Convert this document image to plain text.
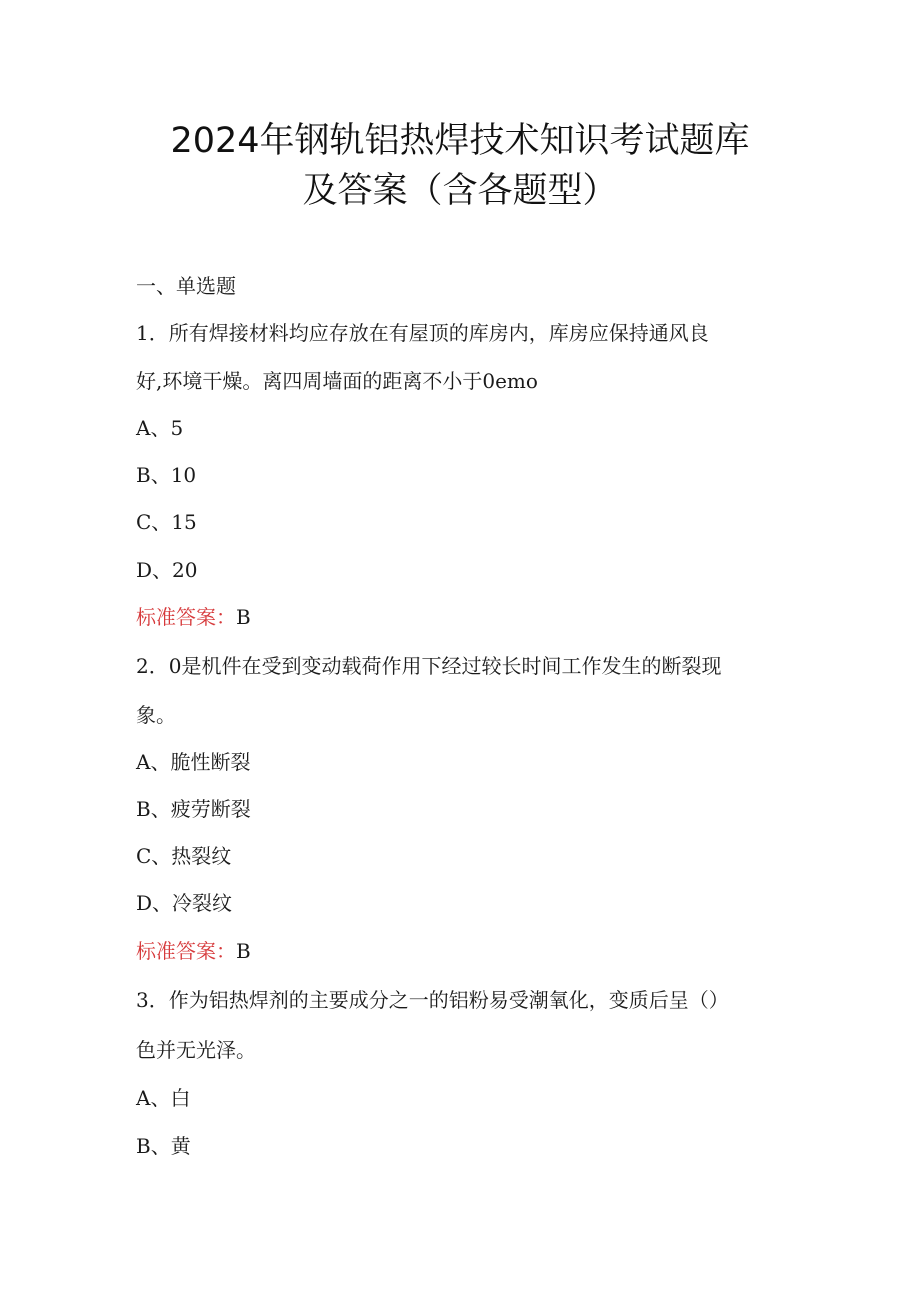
2024年钢轨铝热焊技术知识考试题库
及答案（含各题型）
一、单选题
1．所有焊接材料均应存放在有屋顶的库房内，库房应保持通风良
好,环境干燥。离四周墙面的距离不小于0emo
A、5
B、10
C、15
D、20
标准答案：B
2．0是机件在受到变动载荷作用下经过较长时间工作发生的断裂现
象。
A、脆性断裂
B、疲劳断裂
C、热裂纹
D、冷裂纹
标准答案：B
3．作为铝热焊剂的主要成分之一的铝粉易受潮氧化，变质后呈（）
色并无光泽。
A、白
B、黄
